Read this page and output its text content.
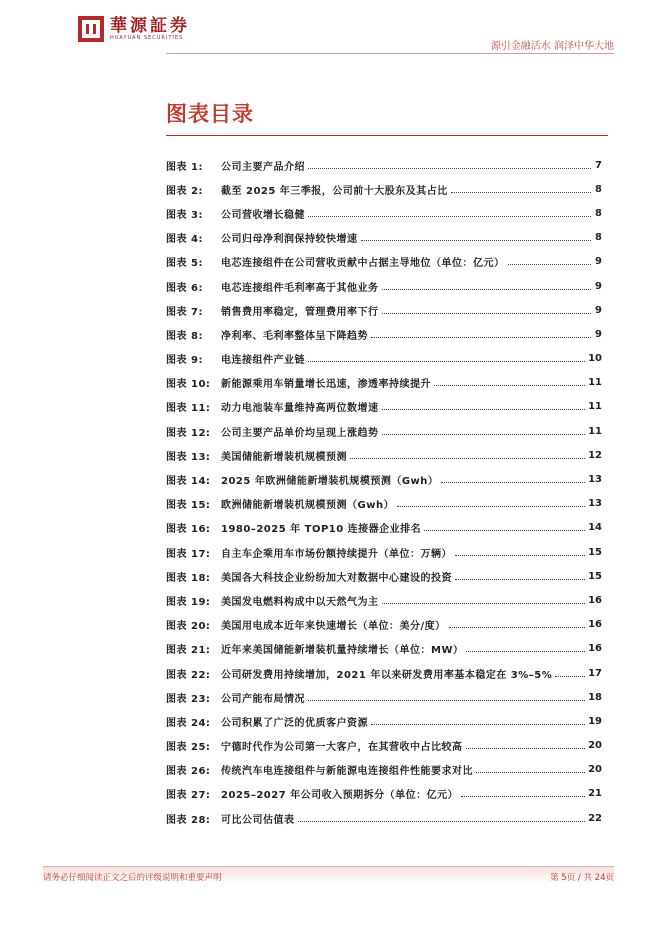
華源証券
HUAYUAN SECURITIES
源引金融活水 润泽中华大地
图表目录
图表 1:	公司主要产品介绍	7
图表 2:	截至 2025 年三季报，公司前十大股东及其占比	8
图表 3:	公司营收增长稳健	8
图表 4:	公司归母净利润保持较快增速	8
图表 5:	电芯连接组件在公司营收贡献中占据主导地位（单位：亿元）	9
图表 6:	电芯连接组件毛利率高于其他业务	9
图表 7:	销售费用率稳定，管理费用率下行	9
图表 8:	净利率、毛利率整体呈下降趋势	9
图表 9:	电连接组件产业链	10
图表 10:	新能源乘用车销量增长迅速，渗透率持续提升	11
图表 11:	动力电池装车量维持高两位数增速	11
图表 12:	公司主要产品单价均呈现上涨趋势	11
图表 13:	美国储能新增装机规模预测	12
图表 14:	2025 年欧洲储能新增装机规模预测（Gwh）	13
图表 15:	欧洲储能新增装机规模预测（Gwh）	13
图表 16:	1980–2025 年 TOP10 连接器企业排名	14
图表 17:	自主车企乘用车市场份额持续提升（单位：万辆）	15
图表 18:	美国各大科技企业纷纷加大对数据中心建设的投资	15
图表 19:	美国发电燃料构成中以天然气为主	16
图表 20:	美国用电成本近年来快速增长（单位：美分/度）	16
图表 21:	近年来美国储能新增装机量持续增长（单位：MW）	16
图表 22:	公司研发费用持续增加，2021 年以来研发费用率基本稳定在 3%–5%	17
图表 23:	公司产能布局情况	18
图表 24:	公司积累了广泛的优质客户资源	19
图表 25:	宁德时代作为公司第一大客户，在其营收中占比较高	20
图表 26:	传统汽车电连接组件与新能源电连接组件性能要求对比	20
图表 27:	2025–2027 年公司收入预期拆分（单位：亿元）	21
图表 28:	可比公司估值表	22
请务必仔细阅读正文之后的评级说明和重要声明	第 5页 / 共 24页
